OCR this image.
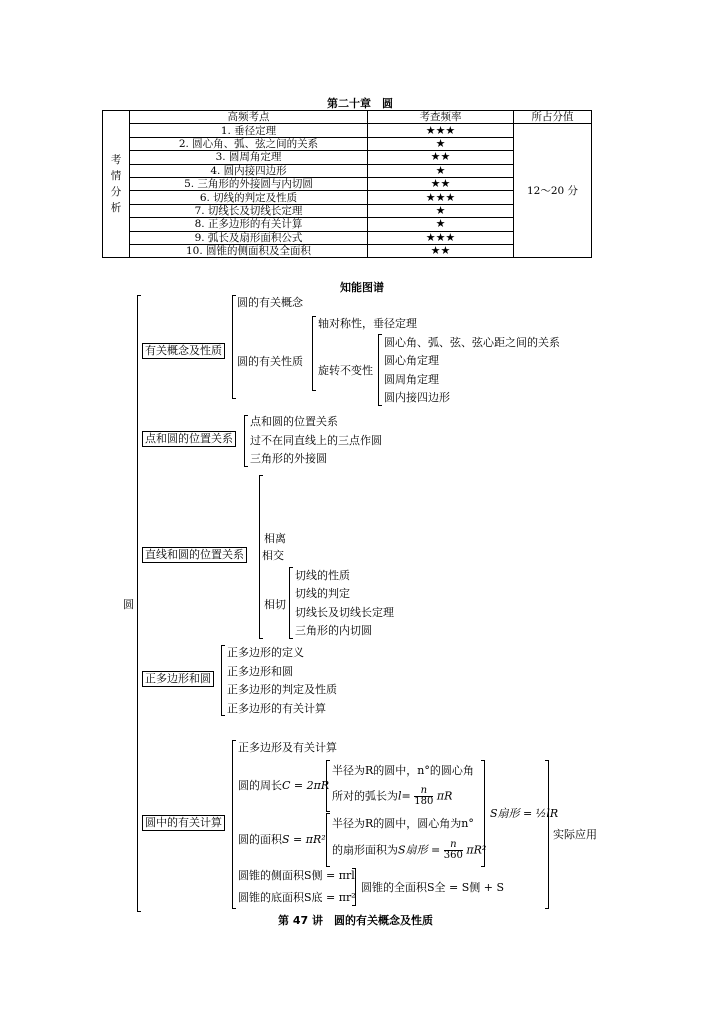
第二十章　圆
考
情
分
析	高频考点	考查频率	所占分值
	1. 垂径定理	★★★	12～20 分
	2. 圆心角、弧、弦之间的关系	★	
	3. 圆周角定理	★★	
	4. 圆内接四边形	★	
	5. 三角形的外接圆与内切圆	★★	
	6. 切线的判定及性质	★★★	
	7. 切线长及切线长定理	★	
	8. 正多边形的有关计算	★	
	9. 弧长及扇形面积公式	★★★	
	10. 圆锥的侧面积及全面积	★★	
知能图谱
圆
有关概念及性质
圆的有关概念
圆的有关性质
轴对称性，垂径定理
旋转不变性
圆心角、弧、弦、弦心距之间的关系
圆心角定理
圆周角定理
圆内接四边形
点和圆的位置关系
点和圆的位置关系
过不在同直线上的三点作圆
三角形的外接圆
直线和圆的位置关系
相离
相交
相切
切线的性质
切线的判定
切线长及切线长定理
三角形的内切圆
正多边形和圆
正多边形的定义
正多边形和圆
正多边形的判定及性质
正多边形的有关计算
圆中的有关计算
正多边形及有关计算
圆的周长C = 2πR
半径为R的圆中，n°的圆心角
所对的弧长为$l= \frac{n}{180}$ πR
圆的面积S = πR²
半径为R的圆中，圆心角为n°
的扇形面积为S扇形 = $\frac{n}{360} \pi R^2$
S扇形 = ½lR
实际应用
圆锥的侧面积S侧 = πrl
圆锥的底面积S底 = πr²
圆锥的全面积S全 = S侧 + S
第 47 讲　圆的有关概念及性质
